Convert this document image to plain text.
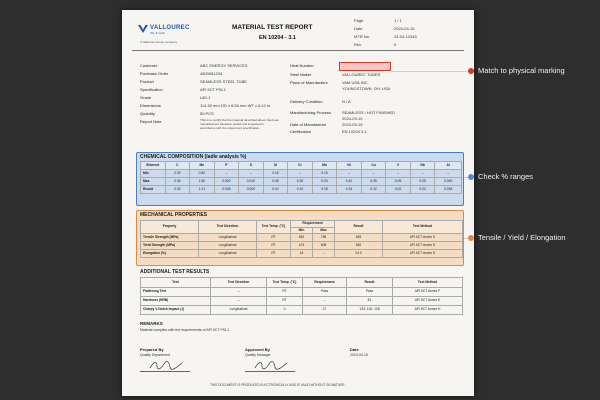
VALLOUREC
OIL & GAS
A Vallourec Group company
MATERIAL TEST REPORT
EN 10204 - 3.1
Page	1 / 1
Date	2024-04-15
MTR No.	24-04-12345
Rev.	0
Customer	ABC ENERGY SERVICES
Purchase Order	4500081234
Product	SEAMLESS STEEL TUBE
Specification	API 5CT PSL1
Grade	L80-1
Dimensions	114.30 mm OD x 8.56 mm WT x 6.10 m
Quantity	50 PCS
Report Note	This is to certify that the material described above has been manufactured, sampled, tested and inspected in accordance with the referenced specification.
Heat Number
Steel Maker	VALLOUREC TUBES
Place of Manufacture	VAM USA INC.
YOUNGSTOWN, OH, USA
Delivery Condition	N / A
Manufacturing Process	SEAMLESS / HOT FINISHED
2024-03-10
Date of Manufacture	2024-03-15
Certification	EN 10204 3.1
CHEMICAL COMPOSITION (ladle analysis %)
Element	C	Mn	P	S	Si	Cr	Mo	Ni	Cu	V	Nb	Al
Min	0.25	0.80	–	–	0.15	–	0.15	–	–	–	–	–
Max	0.36	1.50	0.020	0.010	0.45	0.30	0.20	0.40	0.25	0.05	0.05	0.040
Result	0.32	1.21	0.008	0.004	0.24	0.10	0.18	0.15	0.12	0.02	0.02	0.028
MECHANICAL PROPERTIES
Property	Test Direction	Test Temp. (°C)	Requirement		Result	Test Method
			Min	Max		
Tensile Strength (MPa)	Longitudinal	RT	552	758	653	API 5CT Annex E
Yield Strength (MPa)	Longitudinal	RT	474	608	552	API 5CT Annex E
Elongation (%)	Longitudinal	RT	18	–	24.0	API 5CT Annex E
ADDITIONAL TEST RESULTS
Test	Test Direction	Test Temp. (°C)	Requirement	Result	Test Method
Flattening Test	–	RT	Pass	Pass	API 5CT Annex F
Hardness (HRB)	–	RT	–	81	API 5CT Annex E
Charpy V-Notch Impact (J)	Longitudinal	0	27	133, 120, 128	API 5CT Annex H
REMARKS
Material complies with the requirements of API 5CT PSL1.
Prepared By
Quality Department
Approved By
Quality Manager
Date
2024-04-15
THIS DOCUMENT IS PRODUCED ELECTRONICALLY AND IS VALID WITHOUT SIGNATURE.
Match to physical marking
Check % ranges
Tensile / Yield / Elongation
